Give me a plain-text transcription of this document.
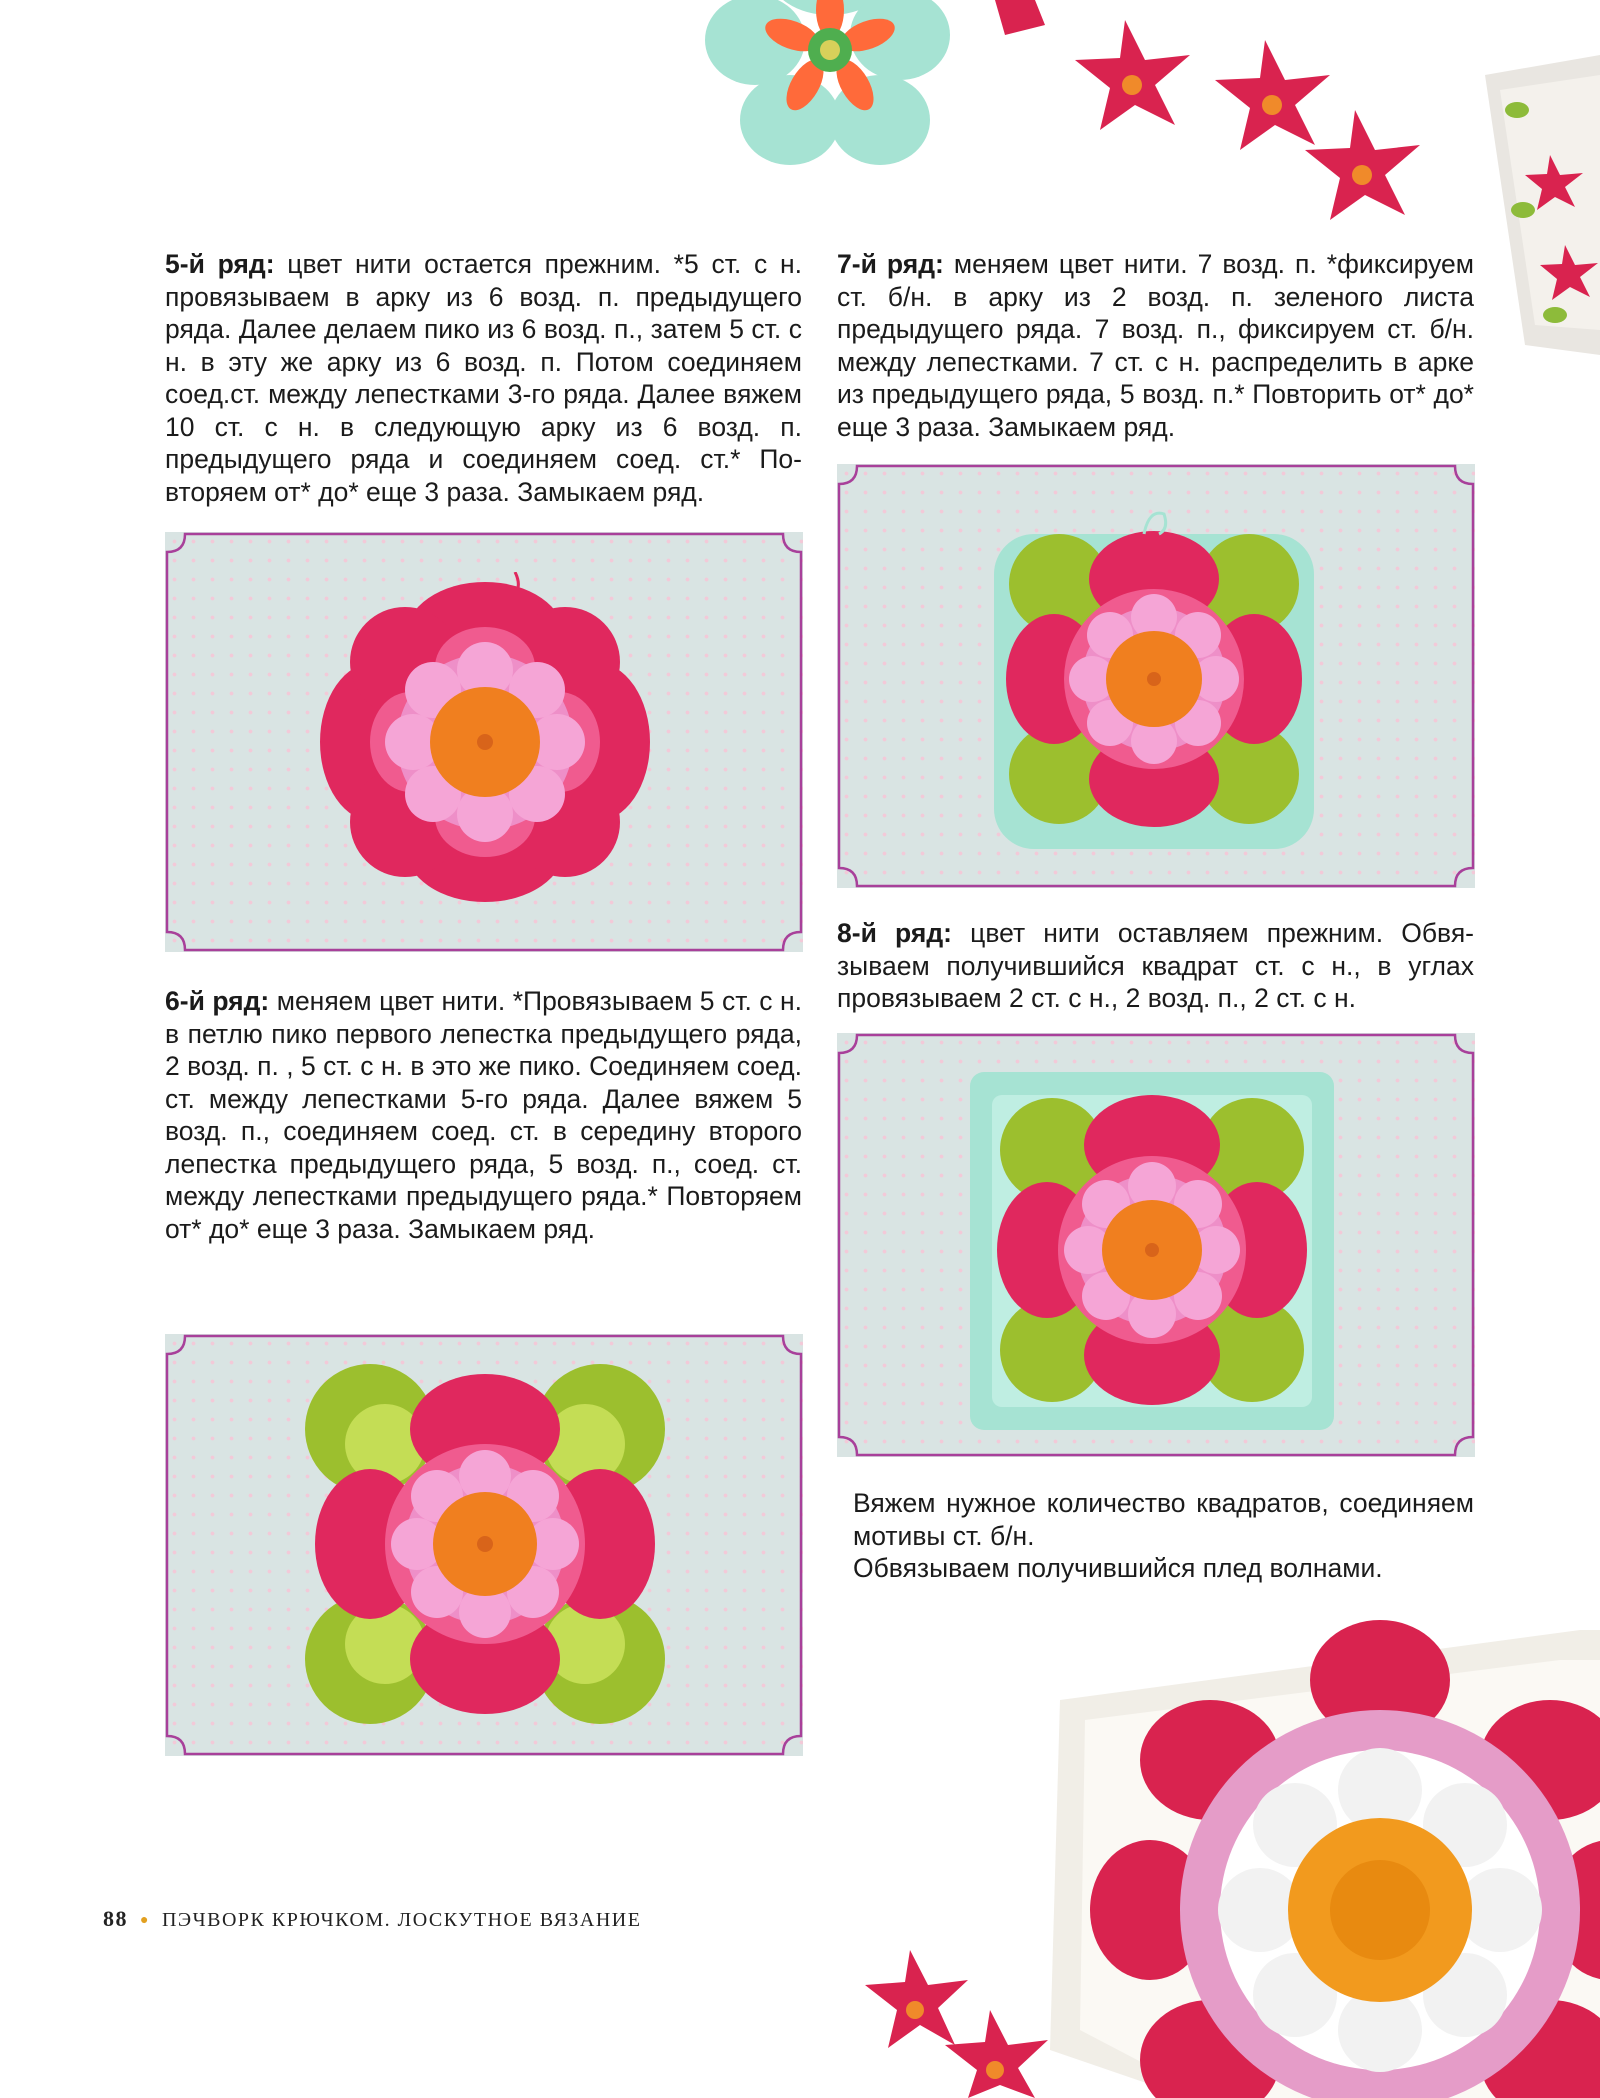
5-й ряд: цвет нити остается прежним. *5 ст. с н. провязываем в арку из 6 возд. п. предыдущего ряда. Далее делаем пико из 6 возд. п., затем 5 ст. с н. в эту же арку из 6 возд. п. Потом соединяем соед.ст. между лепестками 3-го ряда. Далее вяжем 10 ст. с н. в следующую арку из 6 возд. п. предыдущего ряда и соединяем соед. ст.* Повторяем от* до* еще 3 раза. Замыкаем ряд.
6-й ряд: меняем цвет нити. *Провязываем 5 ст. с н. в петлю пико первого лепестка предыдущего ряда, 2 возд. п. , 5 ст. с н. в это же пико. Соединяем соед. ст. между лепестками 5-го ряда. Далее вяжем 5 возд. п., соединяем соед. ст. в середину второго лепестка предыдущего ряда, 5 возд. п., соед. ст. между лепестками предыдущего ряда.* Повторяем от* до* еще 3 раза. Замыкаем ряд.
7-й ряд: меняем цвет нити. 7 возд. п. *фиксируем ст. б/н. в арку из 2 возд. п. зеленого листа предыдущего ряда. 7 возд. п., фиксируем ст. б/н. между лепестками. 7 ст. с н. распределить в арке из предыдущего ряда, 5 возд. п.* Повторить от* до* еще 3 раза. Замыкаем ряд.
8-й ряд: цвет нити оставляем прежним. Обвязываем получившийся квадрат ст. с н., в углах провязываем 2 ст. с н., 2 возд. п., 2 ст. с н.

Вяжем нужное количество квадратов, соединяем мотивы ст. б/н.

Обвязываем получившийся плед волнами.

88 ● ПЭЧВОРК КРЮЧКОМ. ЛОСКУТНОЕ ВЯЗАНИЕ
